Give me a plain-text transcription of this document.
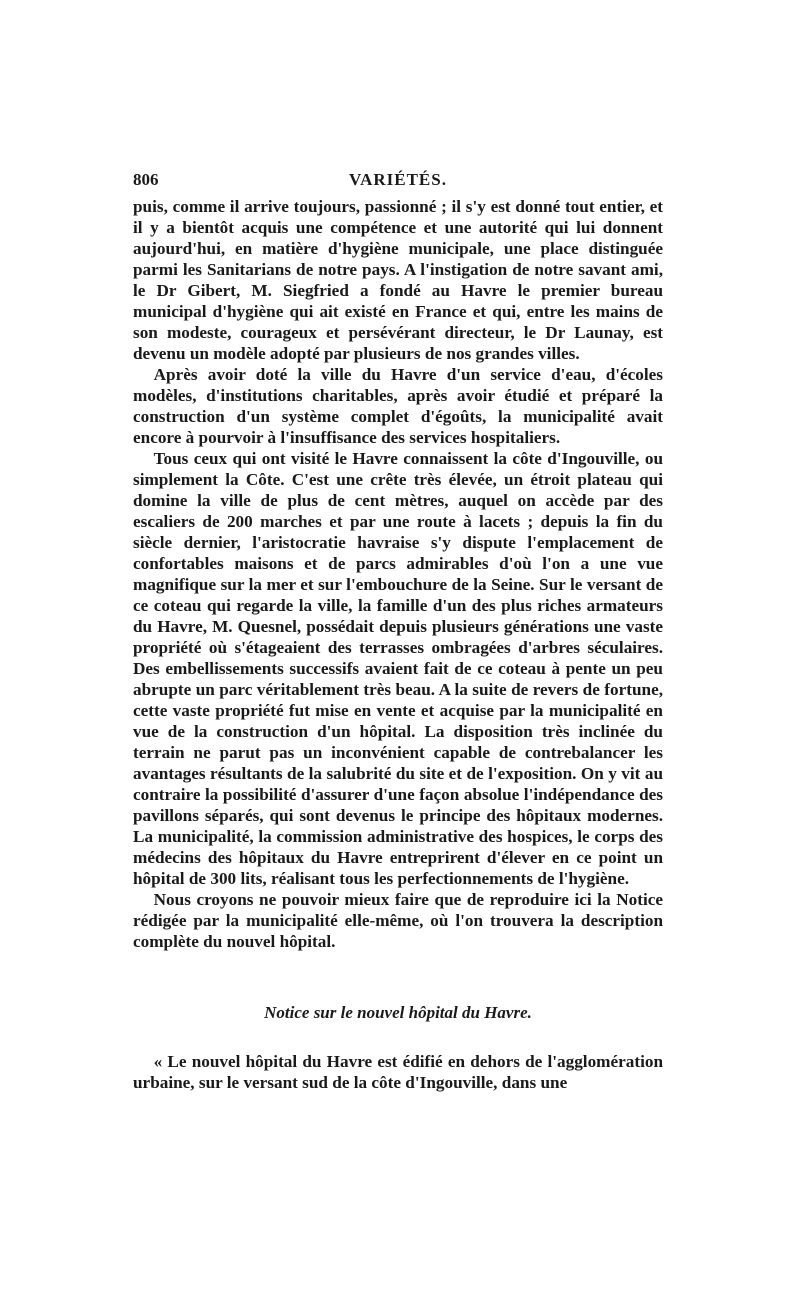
806	VARIÉTÉS.

puis, comme il arrive toujours, passionné ; il s'y est donné tout entier, et il y a bientôt acquis une compétence et une autorité qui lui donnent aujourd'hui, en matière d'hygiène municipale, une place distinguée parmi les Sanitarians de notre pays. A l'instigation de notre savant ami, le Dr Gibert, M. Siegfried a fondé au Havre le premier bureau municipal d'hygiène qui ait existé en France et qui, entre les mains de son modeste, courageux et persévérant directeur, le Dr Launay, est devenu un modèle adopté par plusieurs de nos grandes villes.

Après avoir doté la ville du Havre d'un service d'eau, d'écoles modèles, d'institutions charitables, après avoir étudié et préparé la construction d'un système complet d'égoûts, la municipalité avait encore à pourvoir à l'insuffisance des services hospitaliers.

Tous ceux qui ont visité le Havre connaissent la côte d'Ingouville, ou simplement la Côte. C'est une crête très élevée, un étroit plateau qui domine la ville de plus de cent mètres, auquel on accède par des escaliers de 200 marches et par une route à lacets ; depuis la fin du siècle dernier, l'aristocratie havraise s'y dispute l'emplacement de confortables maisons et de parcs admirables d'où l'on a une vue magnifique sur la mer et sur l'embouchure de la Seine. Sur le versant de ce coteau qui regarde la ville, la famille d'un des plus riches armateurs du Havre, M. Quesnel, possédait depuis plusieurs générations une vaste propriété où s'étageaient des terrasses ombragées d'arbres séculaires. Des embellissements successifs avaient fait de ce coteau à pente un peu abrupte un parc véritablement très beau. A la suite de revers de fortune, cette vaste propriété fut mise en vente et acquise par la municipalité en vue de la construction d'un hôpital. La disposition très inclinée du terrain ne parut pas un inconvénient capable de contrebalancer les avantages résultants de la salubrité du site et de l'exposition. On y vit au contraire la possibilité d'assurer d'une façon absolue l'indépendance des pavillons séparés, qui sont devenus le principe des hôpitaux modernes. La municipalité, la commission administrative des hospices, le corps des médecins des hôpitaux du Havre entreprirent d'élever en ce point un hôpital de 300 lits, réalisant tous les perfectionnements de l'hygiène.

Nous croyons ne pouvoir mieux faire que de reproduire ici la Notice rédigée par la municipalité elle-même, où l'on trouvera la description complète du nouvel hôpital.

Notice sur le nouvel hôpital du Havre.

« Le nouvel hôpital du Havre est édifié en dehors de l'agglomération urbaine, sur le versant sud de la côte d'Ingouville, dans une
